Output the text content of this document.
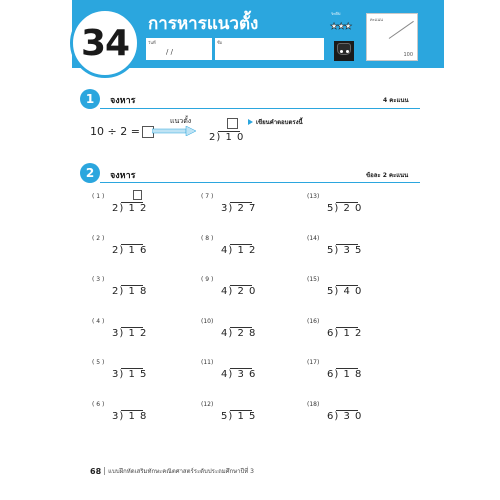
34 การหารแนวตั้ง
วันที่
/ /
ชื่อ
ระดับ
★★★
คะแนน
100
1	จงหาร	4 คะแนน
10 ÷ 2 =
แนวตั้ง	เขียนคำตอบตรงนี้
2) 1 0
2	จงหาร	ข้อละ 2 คะแนน
( 1 )
2) 1 2
( 2 )
2) 1 6
( 3 )
2) 1 8
( 4 )
3) 1 2
( 5 )
3) 1 5
( 6 )
3) 1 8
( 7 )
3) 2 7
( 8 )
4) 1 2
( 9 )
4) 2 0
(10)
4) 2 8
(11)
4) 3 6
(12)
5) 1 5
(13)
5) 2 0
(14)
5) 3 5
(15)
5) 4 0
(16)
6) 1 2
(17)
6) 1 8
(18)
6) 3 0
68 แบบฝึกหัดเสริมทักษะคณิตศาสตร์ระดับประถมศึกษาปีที่ 3
